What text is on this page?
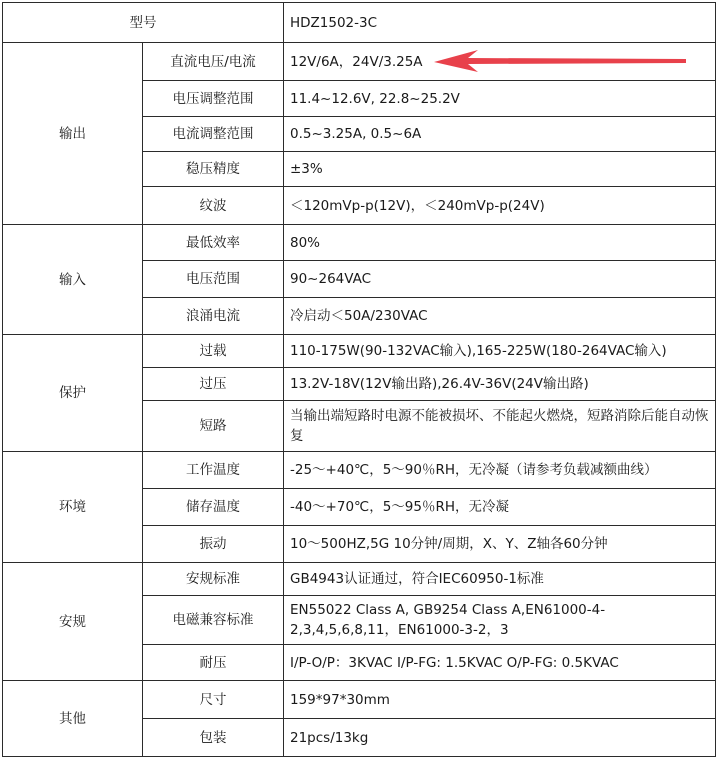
型号		HDZ1502-3C
输出	直流电压/电流	12V/6A，24V/3.25A
	电压调整范围	11.4~12.6V, 22.8~25.2V
	电流调整范围	0.5~3.25A, 0.5~6A
	稳压精度	±3%
	纹波	＜120mVp-p(12V)，＜240mVp-p(24V)
输入	最低效率	80%
	电压范围	90~264VAC
	浪涌电流	冷启动＜50A/230VAC
保护	过载	110-175W(90-132VAC输入),165-225W(180-264VAC输入)
	过压	13.2V-18V(12V输出路),26.4V-36V(24V输出路)
	短路	当输出端短路时电源不能被损坏、不能起火燃烧，短路消除后能自动恢复
环境	工作温度	-25～+40℃，5～90％RH，无冷凝（请参考负载减额曲线）
	储存温度	-40～+70℃，5～95％RH，无冷凝
	振动	10～500HZ,5G 10分钟/周期，X、Y、Z轴各60分钟
安规	安规标准	GB4943认证通过，符合IEC60950-1标准
	电磁兼容标准	EN55022 Class A, GB9254 Class A,EN61000-4-2,3,4,5,6,8,11，EN61000-3-2，3
	耐压	I/P-O/P：3KVAC I/P-FG: 1.5KVAC O/P-FG: 0.5KVAC
其他	尺寸	159*97*30mm
	包装	21pcs/13kg
